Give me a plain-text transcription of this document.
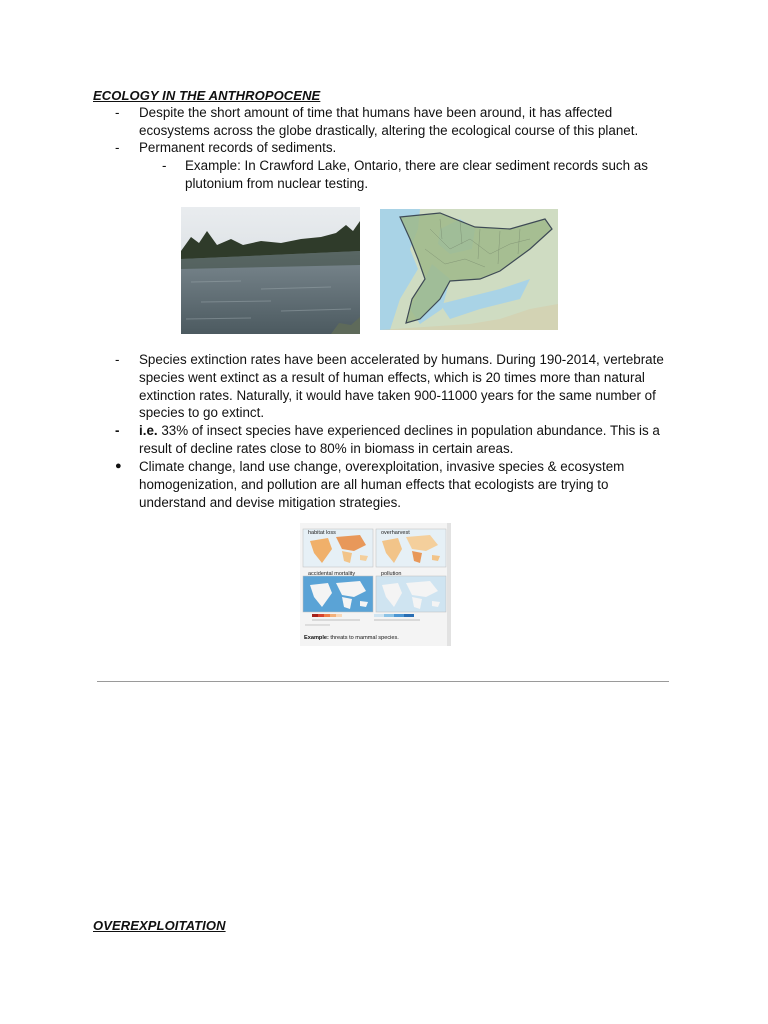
ECOLOGY IN THE ANTHROPOCENE
- Despite the short amount of time that humans have been around, it has affected ecosystems across the globe drastically, altering the ecological course of this planet.
- Permanent records of sediments.
- Example: In Crawford Lake, Ontario, there are clear sediment records such as plutonium from nuclear testing.
- Species extinction rates have been accelerated by humans. During 190-2014, vertebrate species went extinct as a result of human effects, which is 20 times more than natural extinction rates. Naturally, it would have taken 900-11000 years for the same number of species to go extinct.
- i.e. 33% of insect species have experienced declines in population abundance. This is a result of decline rates close to 80% in biomass in certain areas.
● Climate change, land use change, overexploitation, invasive species & ecosystem homogenization, and pollution are all human effects that ecologists are trying to understand and devise mitigation strategies.
habitat loss	overharvest
accidental mortality	pollution
Example: threats to mammal species.
OVEREXPLOITATION
